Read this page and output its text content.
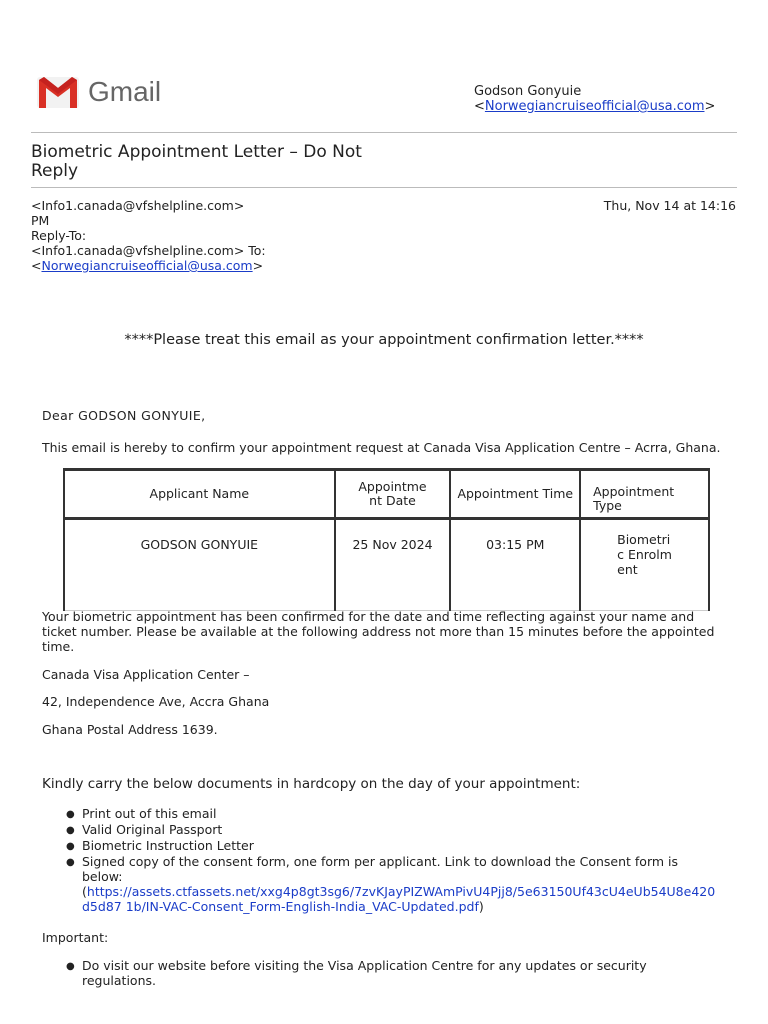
Gmail	Godson Gonyuie
<Norwegiancruiseofficial@usa.com>
Biometric Appointment Letter – Do Not Reply
<Info1.canada@vfshelpline.com>
PM
Reply-To:
<Info1.canada@vfshelpline.com> To:
<Norwegiancruiseofficial@usa.com>
Thu, Nov 14 at 14:16
****Please treat this email as your appointment confirmation letter.****
Dear GODSON GONYUIE,
This email is hereby to confirm your appointment request at Canada Visa Application Centre – Acrra, Ghana.
Applicant Name	Appointment Date	Appointment Time	Appointment Type

GODSON GONYUIE	25 Nov 2024	03:15 PM	Biometric Enrolment
Your biometric appointment has been confirmed for the date and time reflecting against your name and ticket number. Please be available at the following address not more than 15 minutes before the appointed time.
Canada Visa Application Center –
42, Independence Ave, Accra Ghana
Ghana Postal Address 1639.
Kindly carry the below documents in hardcopy on the day of your appointment:
● Print out of this email
● Valid Original Passport
● Biometric Instruction Letter
● Signed copy of the consent form, one form per applicant. Link to download the Consent form is below:
(https://assets.ctfassets.net/xxg4p8gt3sg6/7zvKJayPIZWAmPivU4Pjj8/5e63150Uf43cU4eUb54U8e420d5d87 1b/IN-VAC-Consent_Form-English-India_VAC-Updated.pdf)
Important:
● Do visit our website before visiting the Visa Application Centre for any updates or security regulations.
